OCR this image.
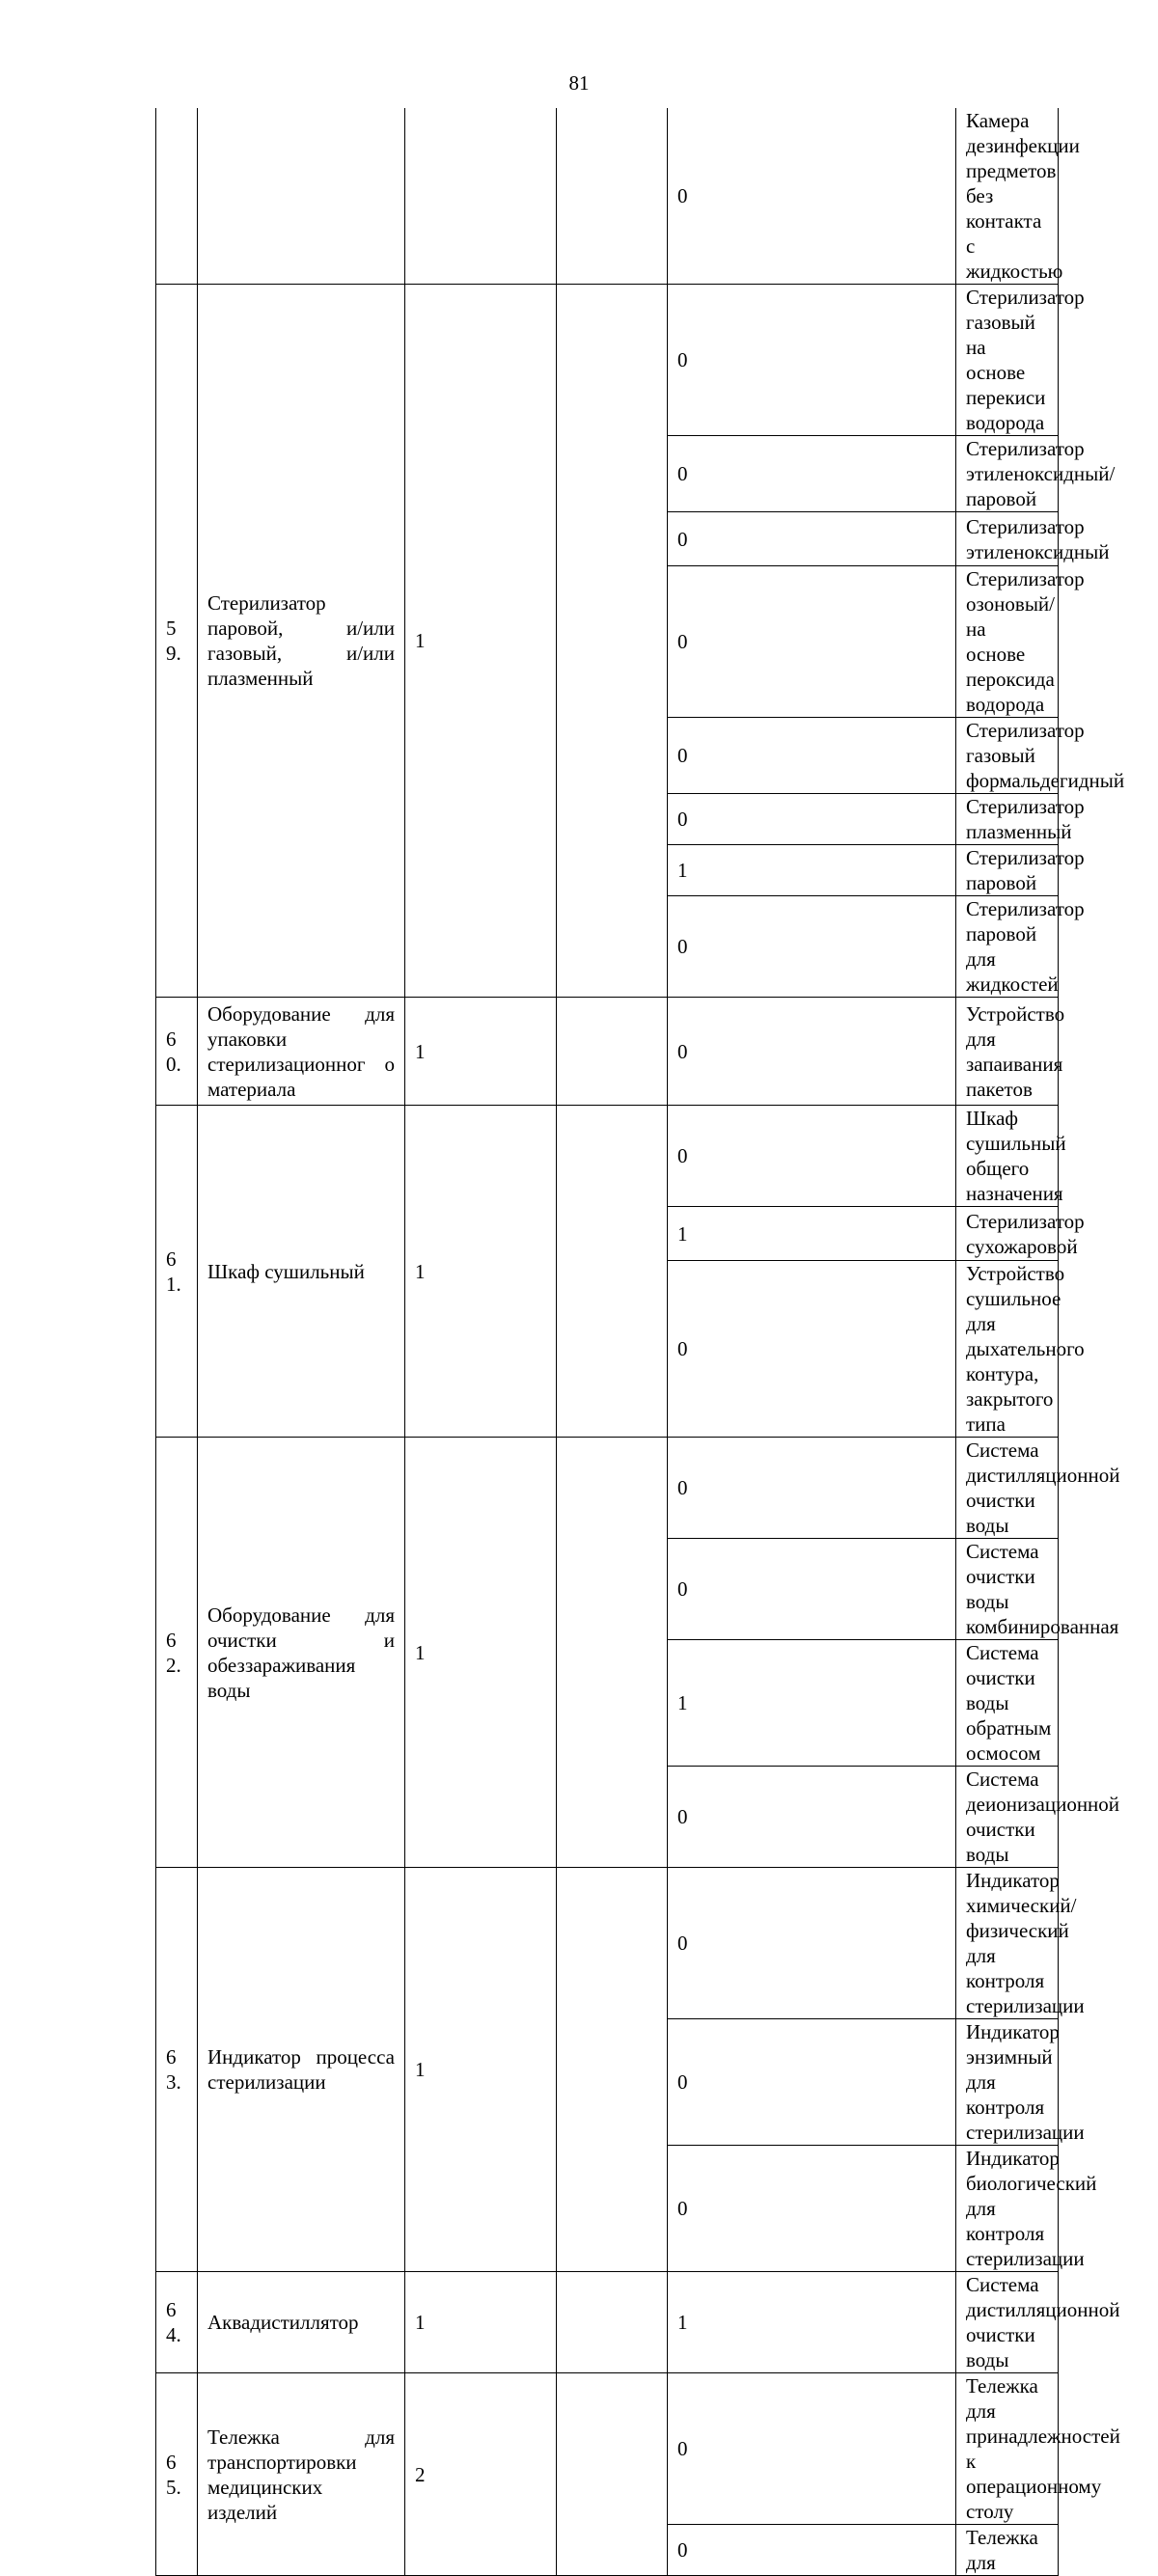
81
				0	Камера дезинфекции предметов без контакта с жидкостью	
5 9.	Стерилизатор паровой, и/или газовый, и/или плазменный	1		0	Стерилизатор газовый на основе перекиси водорода	
				0	Стерилизатор этиленоксидный/паровой	
				0	Стерилизатор этиленоксидный	
				0	Стерилизатор озоновый/на основе пероксида водорода	
				0	Стерилизатор газовый формальдегидный	
				0	Стерилизатор плазменный	
				1	Стерилизатор паровой	
				0	Стерилизатор паровой для жидкостей	
6 0.	Оборудование для упаковки стерилизационног о материала	1		0	Устройство для запаивания пакетов	
6 1.	Шкаф сушильный	1		0	Шкаф сушильный общего назначения	
				1	Стерилизатор сухожаровой	
				0	Устройство сушильное для дыхательного контура, закрытого типа	
6 2.	Оборудование для очистки и обеззараживания воды	1		0	Система дистилляционной очистки воды	
				0	Система очистки воды комбинированная	
				1	Система очистки воды обратным осмосом	
				0	Система деионизационной очистки воды	
6 3.	Индикатор процесса стерилизации	1		0	Индикатор химический/физический для контроля стерилизации	
				0	Индикатор энзимный для контроля стерилизации	
				0	Индикатор биологический для контроля стерилизации	
6 4.	Аквадистиллятор	1		1	Система дистилляционной очистки воды	
6 5.	Тележка для транспортировки медицинских изделий	2		0	Тележка для принадлежностей к операционному столу	
				0	Тележка для	
